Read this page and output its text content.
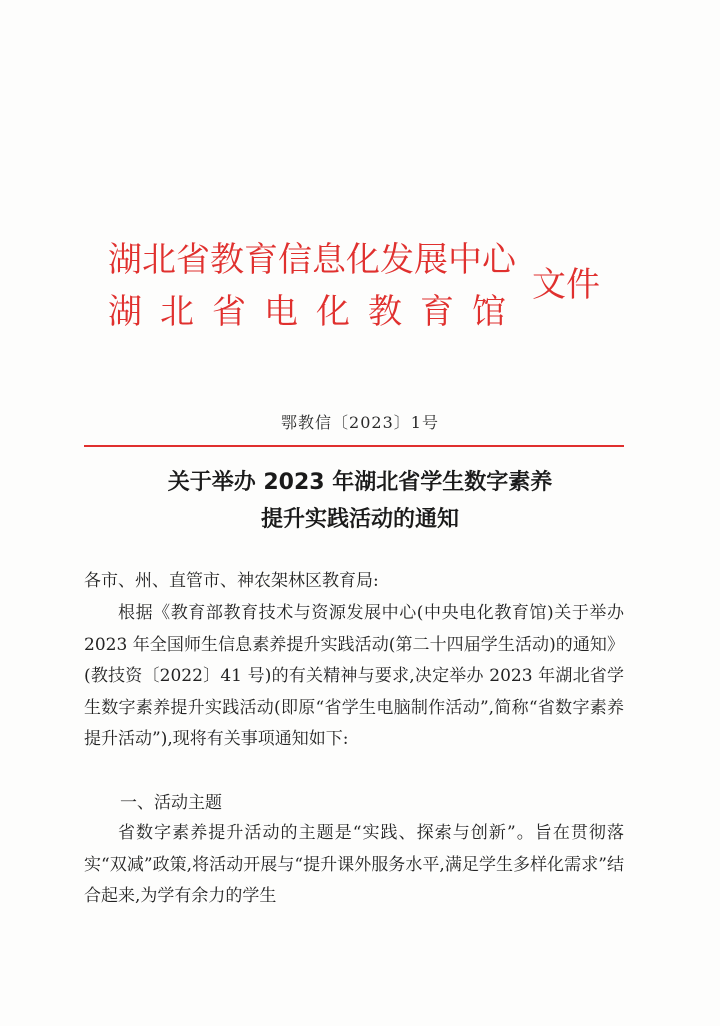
湖北省教育信息化发展中心
湖北省电化教育馆
文件
鄂教信〔2023〕1号
关于举办 2023 年湖北省学生数字素养
提升实践活动的通知
各市、州、直管市、神农架林区教育局:
根据《教育部教育技术与资源发展中心(中央电化教育馆)关于举办 2023 年全国师生信息素养提升实践活动(第二十四届学生活动)的通知》(教技资〔2022〕41 号)的有关精神与要求,决定举办 2023 年湖北省学生数字素养提升实践活动(即原“省学生电脑制作活动”,简称“省数字素养提升活动”),现将有关事项通知如下:
一、活动主题
省数字素养提升活动的主题是“实践、探索与创新”。旨在贯彻落实“双减”政策,将活动开展与“提升课外服务水平,满足学生多样化需求”结合起来,为学有余力的学生
